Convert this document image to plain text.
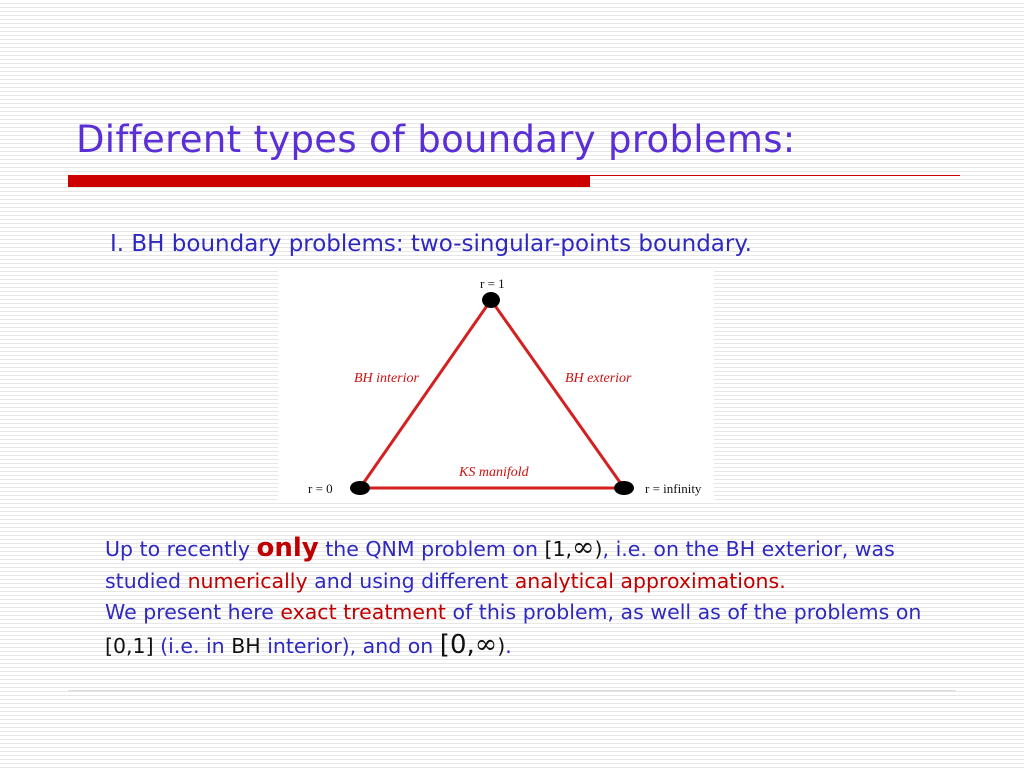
Different types of boundary problems:
I. BH boundary problems: two-singular-points boundary.
r = 1
r = 0	r = infinity
BH interior	BH exterior
KS manifold
Up to recently only the QNM problem on [1,∞), i.e. on the BH exterior, was studied numerically and using different analytical approximations.
We present here exact treatment of this problem, as well as of the problems on [0,1] (i.e. in BH interior), and on [0,∞).
